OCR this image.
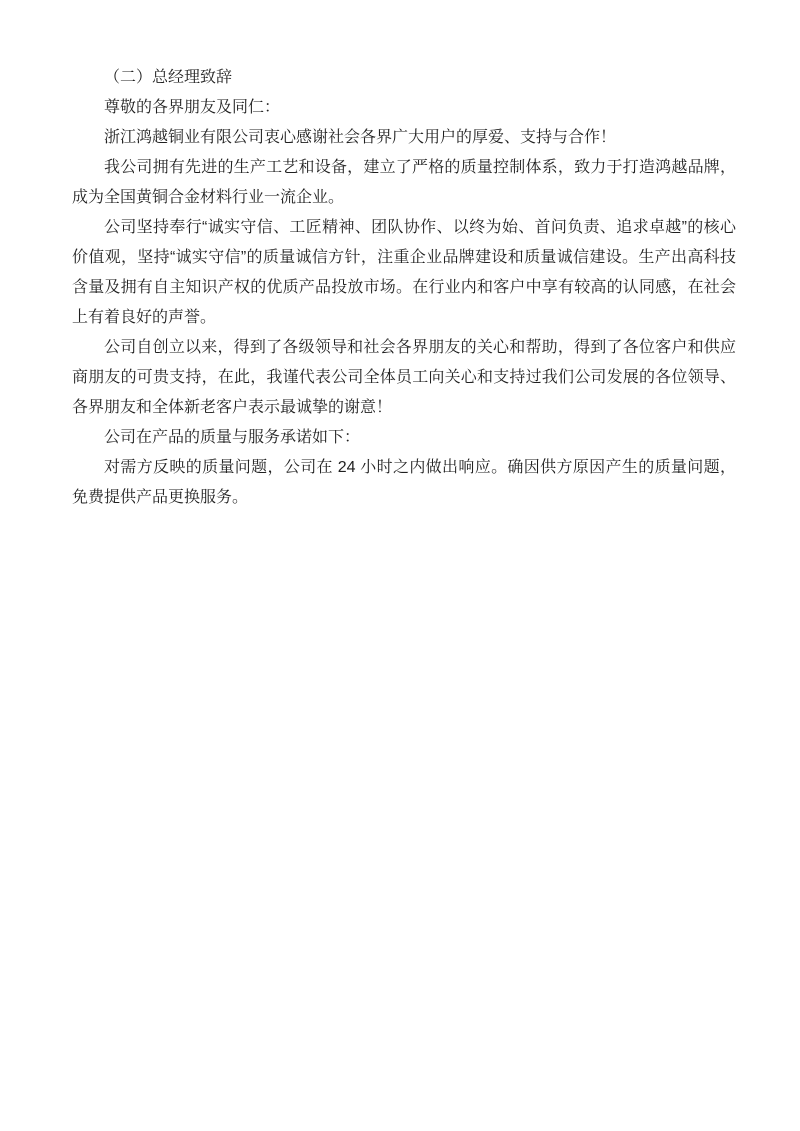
（二）总经理致辞

尊敬的各界朋友及同仁：

浙江鸿越铜业有限公司衷心感谢社会各界广大用户的厚爱、支持与合作！

我公司拥有先进的生产工艺和设备，建立了严格的质量控制体系，致力于打造鸿越品牌，成为全国黄铜合金材料行业一流企业。

公司坚持奉行“诚实守信、工匠精神、团队协作、以终为始、首问负责、追求卓越”的核心价值观，坚持“诚实守信”的质量诚信方针，注重企业品牌建设和质量诚信建设。生产出高科技含量及拥有自主知识产权的优质产品投放市场。在行业内和客户中享有较高的认同感，在社会上有着良好的声誉。

公司自创立以来，得到了各级领导和社会各界朋友的关心和帮助，得到了各位客户和供应商朋友的可贵支持，在此，我谨代表公司全体员工向关心和支持过我们公司发展的各位领导、各界朋友和全体新老客户表示最诚挚的谢意！

公司在产品的质量与服务承诺如下：

对需方反映的质量问题，公司在 24 小时之内做出响应。确因供方原因产生的质量问题，免费提供产品更换服务。
